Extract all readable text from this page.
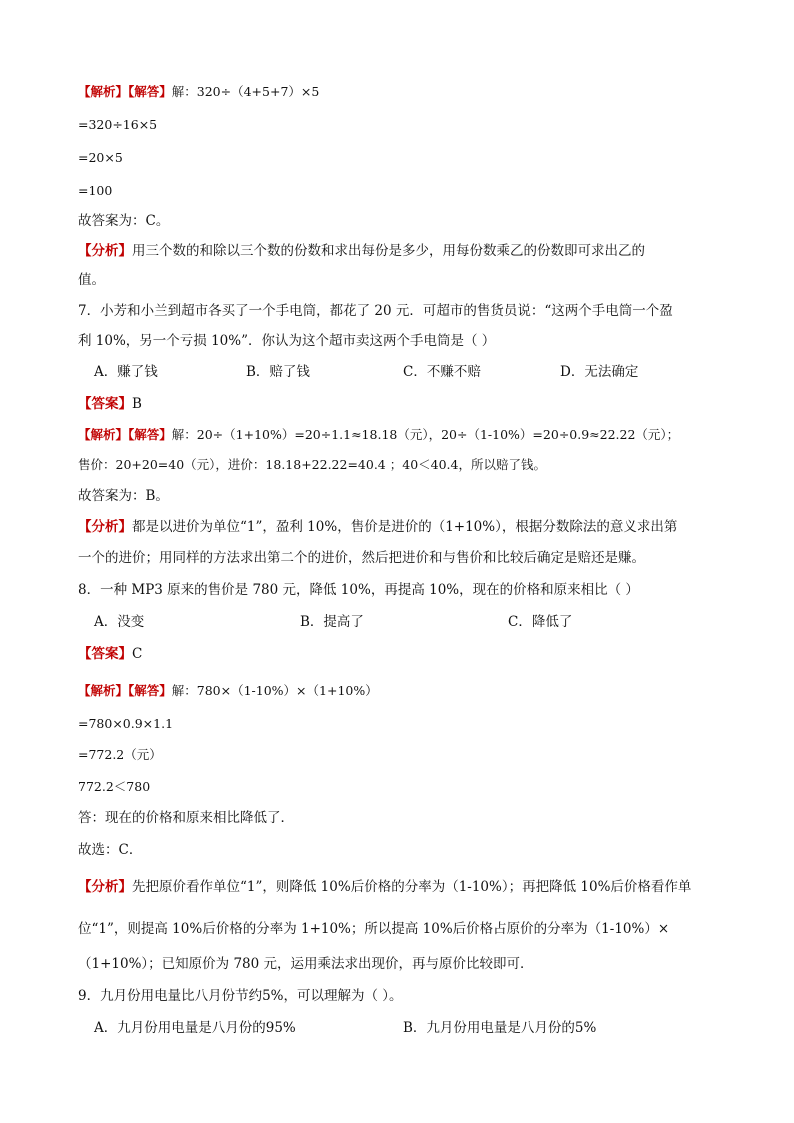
【解析】【解答】解：320÷（4+5+7）×5
=320÷16×5
=20×5
=100
故答案为：C。
【分析】用三个数的和除以三个数的份数和求出每份是多少，用每份数乘乙的份数即可求出乙的
值。
7．小芳和小兰到超市各买了一个手电筒，都花了 20 元．可超市的售货员说：“这两个手电筒一个盈
利 10%，另一个亏损 10%”．你认为这个超市卖这两个手电筒是（ ）
A．赚了钱	B．赔了钱	C．不赚不赔	D．无法确定
【答案】B
【解析】【解答】解：20÷（1+10%）=20÷1.1≈18.18（元），20÷（1-10%）=20÷0.9≈22.22（元）；
售价：20+20=40（元），进价：18.18+22.22=40.4 ；40＜40.4，所以赔了钱。
故答案为：B。
【分析】都是以进价为单位“1”，盈利 10%，售价是进价的（1+10%），根据分数除法的意义求出第
一个的进价；用同样的方法求出第二个的进价，然后把进价和与售价和比较后确定是赔还是赚。
8．一种 MP3 原来的售价是 780 元，降低 10%，再提高 10%，现在的价格和原来相比（ ）
A．没变	B．提高了	C．降低了
【答案】C
【解析】【解答】解：780×（1-10%）×（1+10%）
=780×0.9×1.1
=772.2（元）
772.2＜780
答：现在的价格和原来相比降低了．
故选：C．
【分析】先把原价看作单位“1”，则降低 10%后价格的分率为（1-10%）；再把降低 10%后价格看作单
位“1”，则提高 10%后价格的分率为 1+10%；所以提高 10%后价格占原价的分率为（1-10%）×
（1+10%）；已知原价为 780 元，运用乘法求出现价，再与原价比较即可．
9．九月份用电量比八月份节约5%，可以理解为（ ）。
A．九月份用电量是八月份的95%	B．九月份用电量是八月份的5%
